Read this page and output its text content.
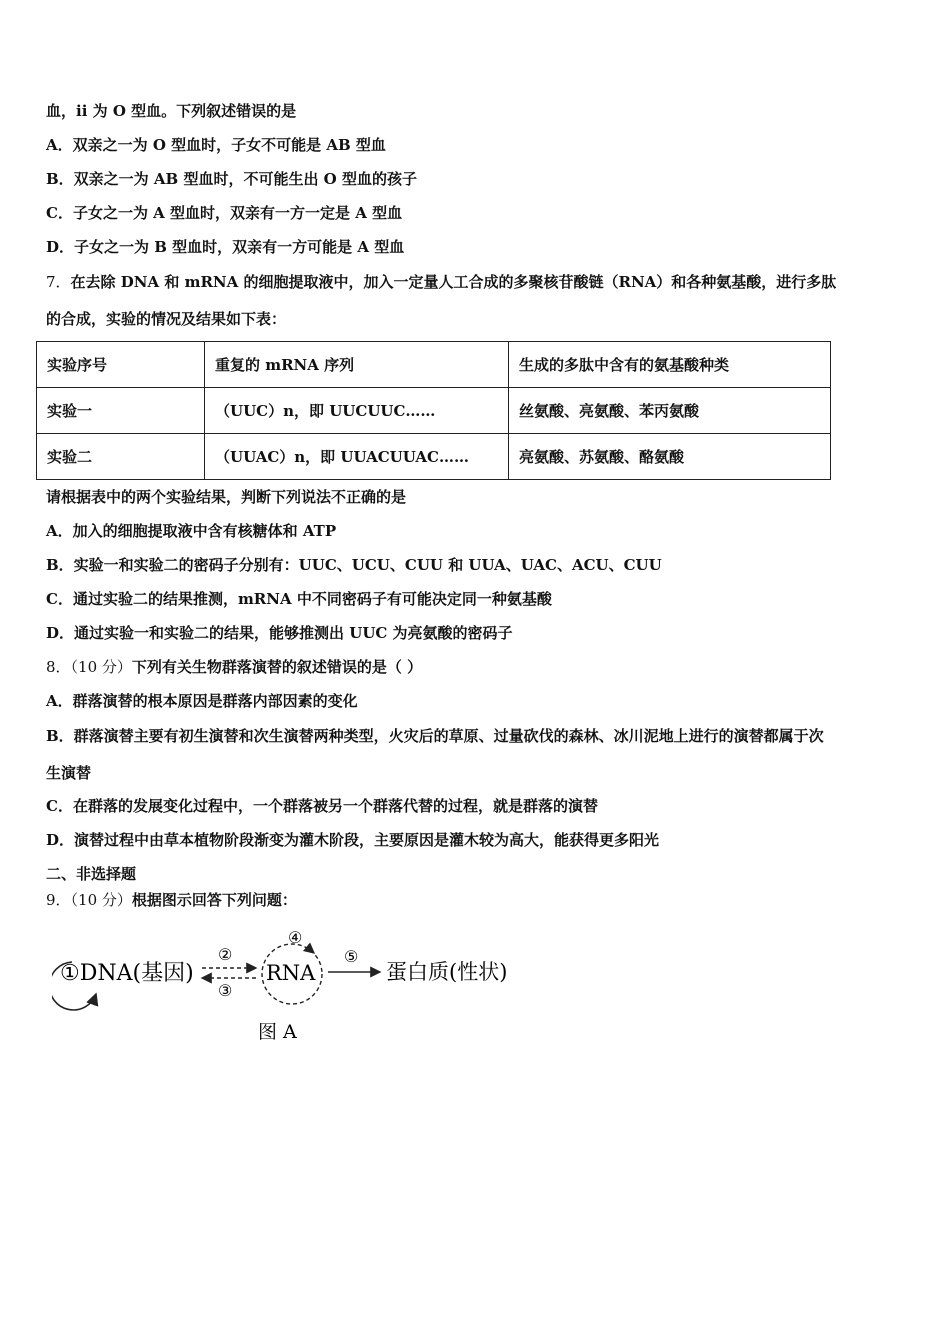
血，ii 为 O 型血。下列叙述错误的是
A．双亲之一为 O 型血时，子女不可能是 AB 型血
B．双亲之一为 AB 型血时，不可能生出 O 型血的孩子
C．子女之一为 A 型血时，双亲有一方一定是 A 型血
D．子女之一为 B 型血时，双亲有一方可能是 A 型血
7．在去除 DNA 和 mRNA 的细胞提取液中，加入一定量人工合成的多聚核苷酸链（RNA）和各种氨基酸，进行多肽
的合成，实验的情况及结果如下表：
实验序号	重复的 mRNA 序列	生成的多肽中含有的氨基酸种类
实验一	（UUC）n，即 UUCUUC……	丝氨酸、亮氨酸、苯丙氨酸
实验二	（UUAC）n，即 UUACUUAC……	亮氨酸、苏氨酸、酪氨酸
请根据表中的两个实验结果，判断下列说法不正确的是
A．加入的细胞提取液中含有核糖体和 ATP
B．实验一和实验二的密码子分别有：UUC、UCU、CUU 和 UUA、UAC、ACU、CUU
C．通过实验二的结果推测，mRNA 中不同密码子有可能决定同一种氨基酸
D．通过实验一和实验二的结果，能够推测出 UUC 为亮氨酸的密码子
8．（10 分）下列有关生物群落演替的叙述错误的是（ ）
A．群落演替的根本原因是群落内部因素的变化
B．群落演替主要有初生演替和次生演替两种类型，火灾后的草原、过量砍伐的森林、冰川泥地上进行的演替都属于次
生演替
C．在群落的发展变化过程中，一个群落被另一个群落代替的过程，就是群落的演替
D．演替过程中由草本植物阶段渐变为灌木阶段，主要原因是灌木较为高大，能获得更多阳光
二、非选择题
9．（10 分）根据图示回答下列问题：
①DNA(基因)
②
③
④
RNA
⑤
蛋白质(性状)
图 A
